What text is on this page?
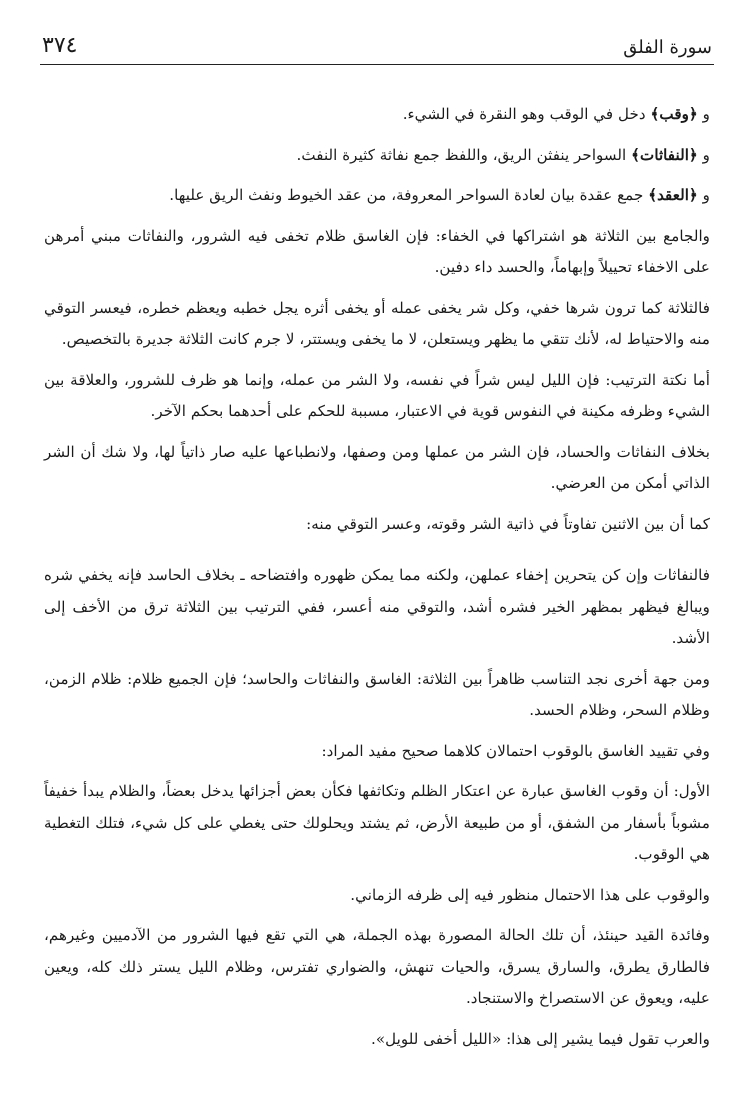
سورة الفلق
٣٧٤

و ﴿وقب﴾ دخل في الوقب وهو النقرة في الشيء.

و ﴿النفاثات﴾ السواحر ينفثن الريق، واللفظ جمع نفاثة كثيرة النفث.

و ﴿العقد﴾ جمع عقدة بيان لعادة السواحر المعروفة، من عقد الخيوط ونفث الريق عليها.

والجامع بين الثلاثة هو اشتراكها في الخفاء: فإن الغاسق ظلام تخفى فيه الشرور، والنفاثات مبني أمرهن على الاخفاء تحييلاً وإبهاماً، والحسد داء دفين.

فالثلاثة كما ترون شرها خفي، وكل شر يخفى عمله أو يخفى أثره يجل خطبه ويعظم خطره، فيعسر التوقي منه والاحتياط له، لأنك تتقي ما يظهر ويستعلن، لا ما يخفى ويستتر، لا جرم كانت الثلاثة جديرة بالتخصيص.

أما نكتة الترتيب: فإن الليل ليس شراً في نفسه، ولا الشر من عمله، وإنما هو ظرف للشرور، والعلاقة بين الشيء وظرفه مكينة في النفوس قوية في الاعتبار، مسببة للحكم على أحدهما بحكم الآخر.

بخلاف النفاثات والحساد، فإن الشر من عملها ومن وصفها، ولانطباعها عليه صار ذاتياً لها، ولا شك أن الشر الذاتي أمكن من العرضي.

كما أن بين الاثنين تفاوتاً في ذاتية الشر وقوته، وعسر التوقي منه:

فالنفاثات وإن كن يتحرين إخفاء عملهن، ولكنه مما يمكن ظهوره وافتضاحه ـ بخلاف الحاسد فإنه يخفي شره ويبالغ فيظهر بمظهر الخير فشره أشد، والتوقي منه أعسر، ففي الترتيب بين الثلاثة ترق من الأخف إلى الأشد.

ومن جهة أخرى نجد التناسب ظاهراً بين الثلاثة: الغاسق والنفاثات والحاسد؛ فإن الجميع ظلام: ظلام الزمن، وظلام السحر، وظلام الحسد.

وفي تقييد الغاسق بالوقوب احتمالان كلاهما صحيح مفيد المراد:

الأول: أن وقوب الغاسق عبارة عن اعتكار الظلم وتكاثفها فكأن بعض أجزائها يدخل بعضاً، والظلام يبدأ خفيفاً مشوباً بأسفار من الشفق، أو من طبيعة الأرض، ثم يشتد ويحلولك حتى يغطي على كل شيء، فتلك التغطية هي الوقوب.

والوقوب على هذا الاحتمال منظور فيه إلى ظرفه الزماني.

وفائدة القيد حينئذ، أن تلك الحالة المصورة بهذه الجملة، هي التي تقع فيها الشرور من الآدميين وغيرهم، فالطارق يطرق، والسارق يسرق، والحيات تنهش، والضواري تفترس، وظلام الليل يستر ذلك كله، ويعين عليه، ويعوق عن الاستصراخ والاستنجاد.

والعرب تقول فيما يشير إلى هذا: «الليل أخفى للويل».
